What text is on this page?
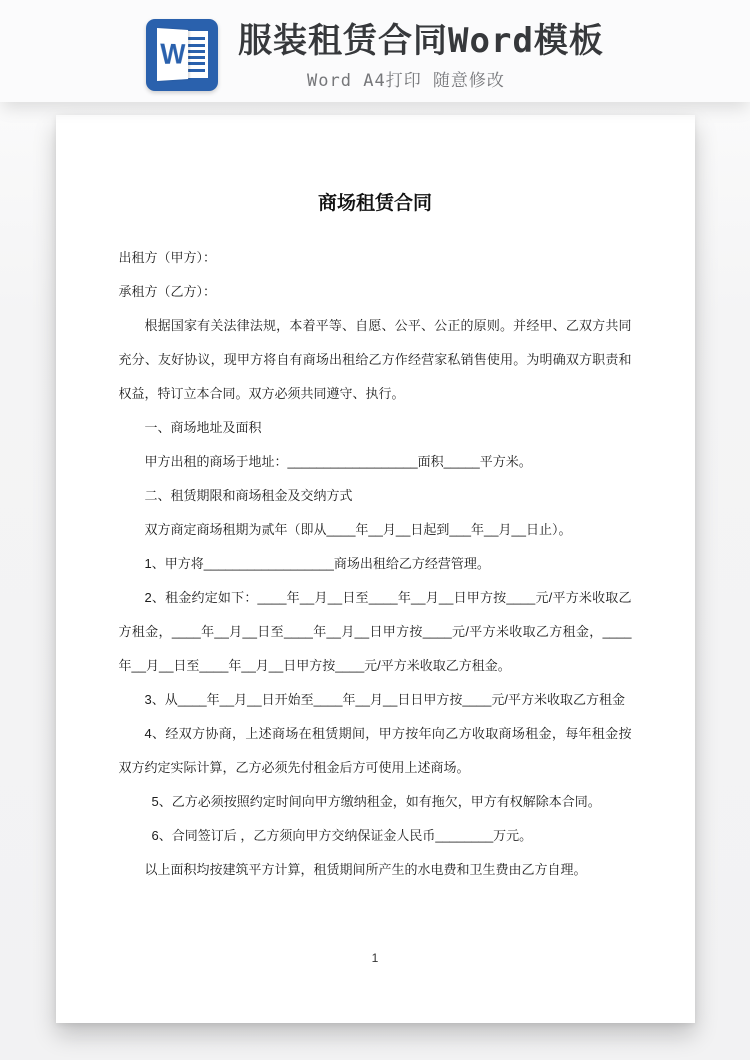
W 服装租赁合同Word模板
Word A4打印 随意修改
商场租赁合同

出租方（甲方）：

承租方（乙方）：

根据国家有关法律法规，本着平等、自愿、公平、公正的原则。并经甲、乙双方共同充分、友好协议，现甲方将自有商场出租给乙方作经营家私销售使用。为明确双方职责和权益，特订立本合同。双方必须共同遵守、执行。

一、商场地址及面积

甲方出租的商场于地址：__________________面积_____平方米。

二、租赁期限和商场租金及交纳方式

双方商定商场租期为贰年（即从____年__月__日起到___年__月__日止）。

1、甲方将__________________商场出租给乙方经营管理。

2、租金约定如下：____年__月__日至____年__月__日甲方按____元/平方米收取乙方租金，____年__月__日至____年__月__日甲方按____元/平方米收取乙方租金，____年__月__日至____年__月__日甲方按____元/平方米收取乙方租金。

3、从____年__月__日开始至____年__月__日日甲方按____元/平方米收取乙方租金

4、经双方协商，上述商场在租赁期间，甲方按年向乙方收取商场租金，每年租金按双方约定实际计算，乙方必须先付租金后方可使用上述商场。

5、乙方必须按照约定时间向甲方缴纳租金，如有拖欠，甲方有权解除本合同。

6、合同签订后 ，乙方须向甲方交纳保证金人民币________万元。

以上面积均按建筑平方计算，租赁期间所产生的水电费和卫生费由乙方自理。

1
